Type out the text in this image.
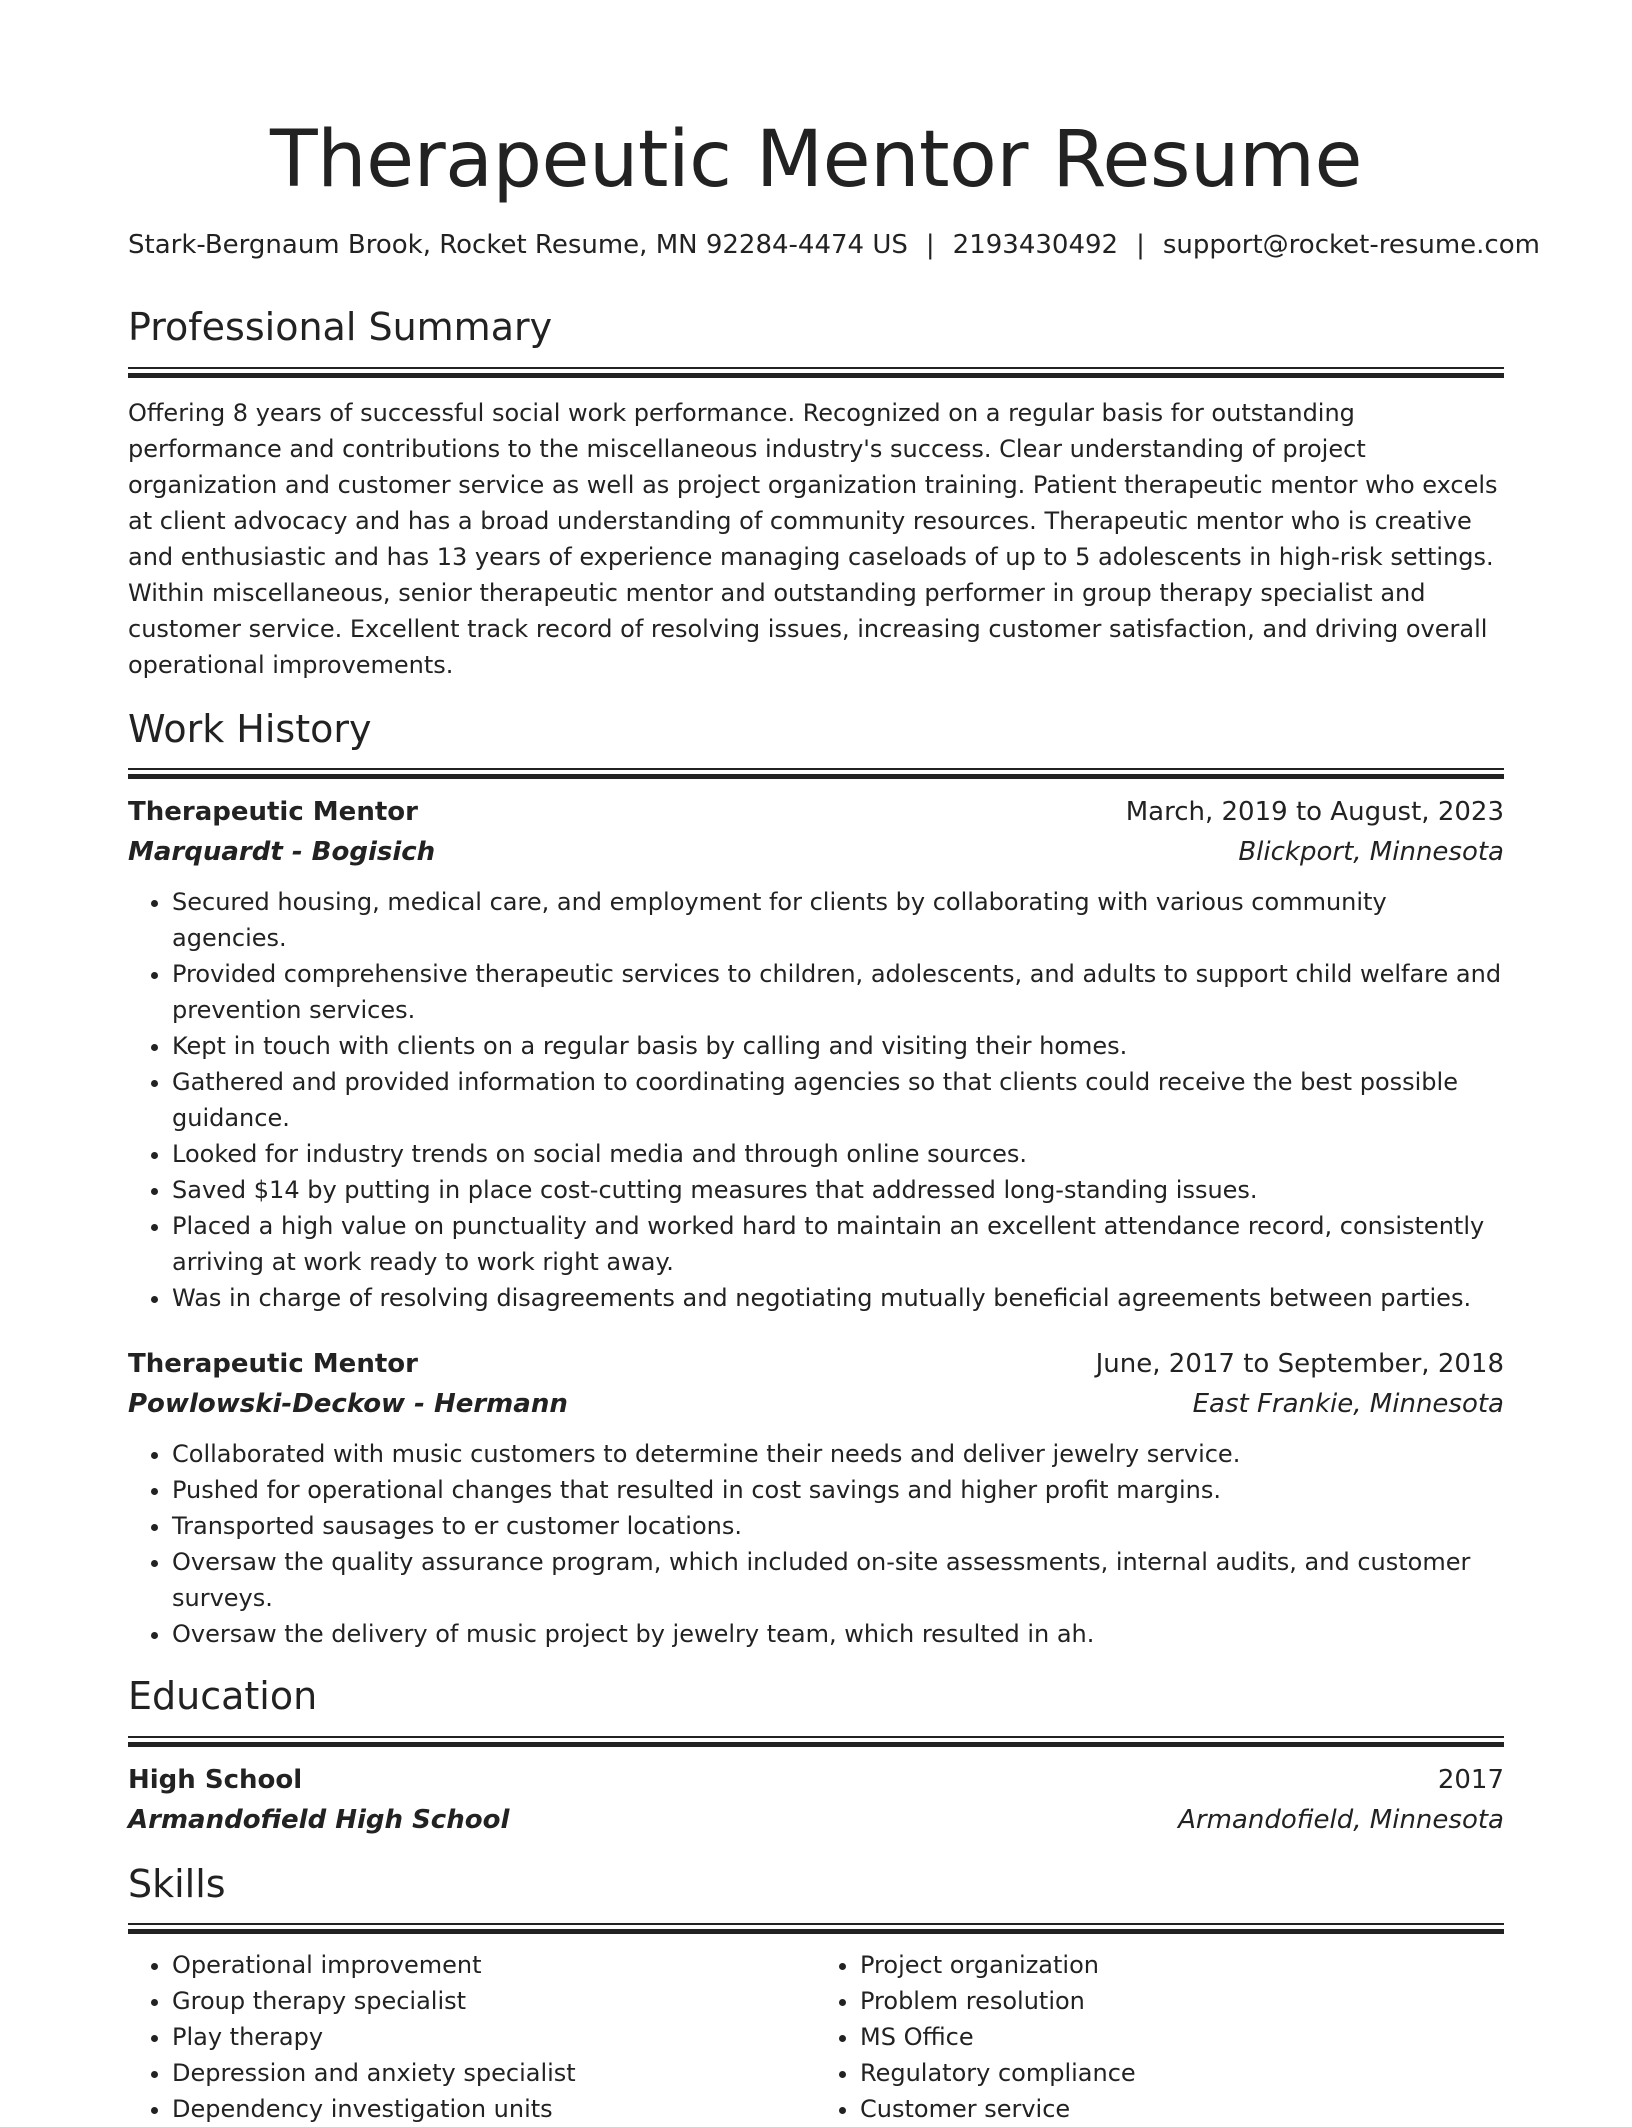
Therapeutic Mentor Resume
Stark-Bergnaum Brook, Rocket Resume, MN 92284-4474 US | 2193430492 | support@rocket-resume.com
Professional Summary
Offering 8 years of successful social work performance. Recognized on a regular basis for outstanding performance and contributions to the miscellaneous industry's success. Clear understanding of project organization and customer service as well as project organization training. Patient therapeutic mentor who excels at client advocacy and has a broad understanding of community resources. Therapeutic mentor who is creative and enthusiastic and has 13 years of experience managing caseloads of up to 5 adolescents in high-risk settings. Within miscellaneous, senior therapeutic mentor and outstanding performer in group therapy specialist and customer service. Excellent track record of resolving issues, increasing customer satisfaction, and driving overall operational improvements.
Work History
Therapeutic Mentor	March, 2019 to August, 2023
Marquardt - Bogisich	Blickport, Minnesota
• Secured housing, medical care, and employment for clients by collaborating with various community agencies.
• Provided comprehensive therapeutic services to children, adolescents, and adults to support child welfare and prevention services.
• Kept in touch with clients on a regular basis by calling and visiting their homes.
• Gathered and provided information to coordinating agencies so that clients could receive the best possible guidance.
• Looked for industry trends on social media and through online sources.
• Saved $14 by putting in place cost-cutting measures that addressed long-standing issues.
• Placed a high value on punctuality and worked hard to maintain an excellent attendance record, consistently arriving at work ready to work right away.
• Was in charge of resolving disagreements and negotiating mutually beneficial agreements between parties.
Therapeutic Mentor	June, 2017 to September, 2018
Powlowski-Deckow - Hermann	East Frankie, Minnesota
• Collaborated with music customers to determine their needs and deliver jewelry service.
• Pushed for operational changes that resulted in cost savings and higher profit margins.
• Transported sausages to er customer locations.
• Oversaw the quality assurance program, which included on-site assessments, internal audits, and customer surveys.
• Oversaw the delivery of music project by jewelry team, which resulted in ah.
Education
High School	2017
Armandofield High School	Armandofield, Minnesota
Skills
• Operational improvement
• Group therapy specialist
• Play therapy
• Depression and anxiety specialist
• Dependency investigation units
• Project organization
• Problem resolution
• MS Office
• Regulatory compliance
• Customer service
